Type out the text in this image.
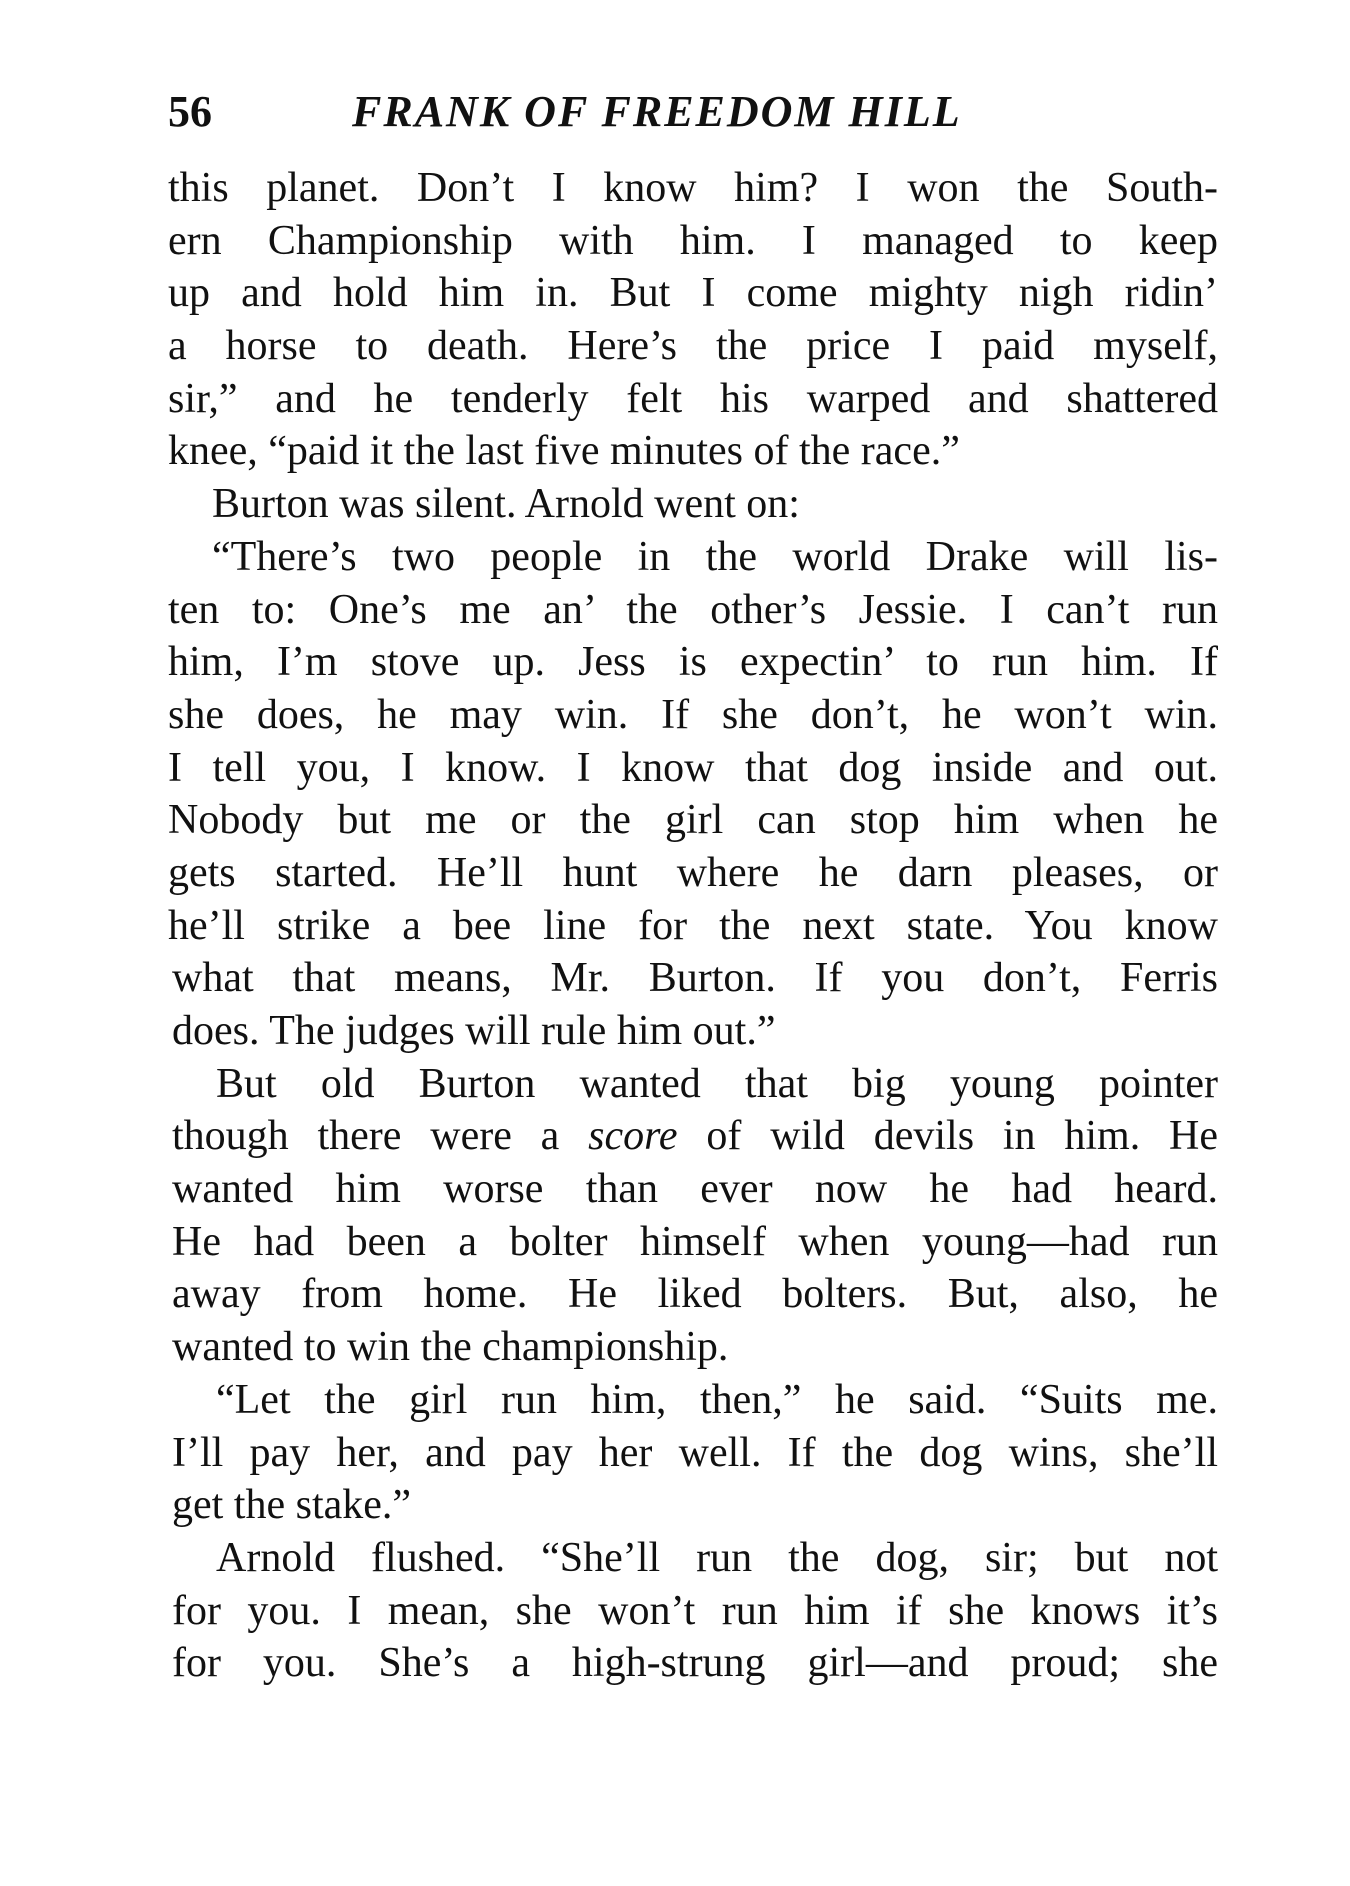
56	FRANK OF FREEDOM HILL
this planet. Don’t I know him? I won the South-
ern Championship with him. I managed to keep
up and hold him in. But I come mighty nigh ridin’
a horse to death. Here’s the price I paid myself,
sir,” and he tenderly felt his warped and shattered
knee, “paid it the last five minutes of the race.”
Burton was silent. Arnold went on:
“There’s two people in the world Drake will lis-
ten to: One’s me an’ the other’s Jessie. I can’t run
him, I’m stove up. Jess is expectin’ to run him. If
she does, he may win. If she don’t, he won’t win.
I tell you, I know. I know that dog inside and out.
Nobody but me or the girl can stop him when he
gets started. He’ll hunt where he darn pleases, or
he’ll strike a bee line for the next state. You know
what that means, Mr. Burton. If you don’t, Ferris
does. The judges will rule him out.”
But old Burton wanted that big young pointer
though there were a score of wild devils in him. He
wanted him worse than ever now he had heard.
He had been a bolter himself when young—had run
away from home. He liked bolters. But, also, he
wanted to win the championship.
“Let the girl run him, then,” he said. “Suits me.
I’ll pay her, and pay her well. If the dog wins, she’ll
get the stake.”
Arnold flushed. “She’ll run the dog, sir; but not
for you. I mean, she won’t run him if she knows it’s
for you. She’s a high-strung girl—and proud; she
